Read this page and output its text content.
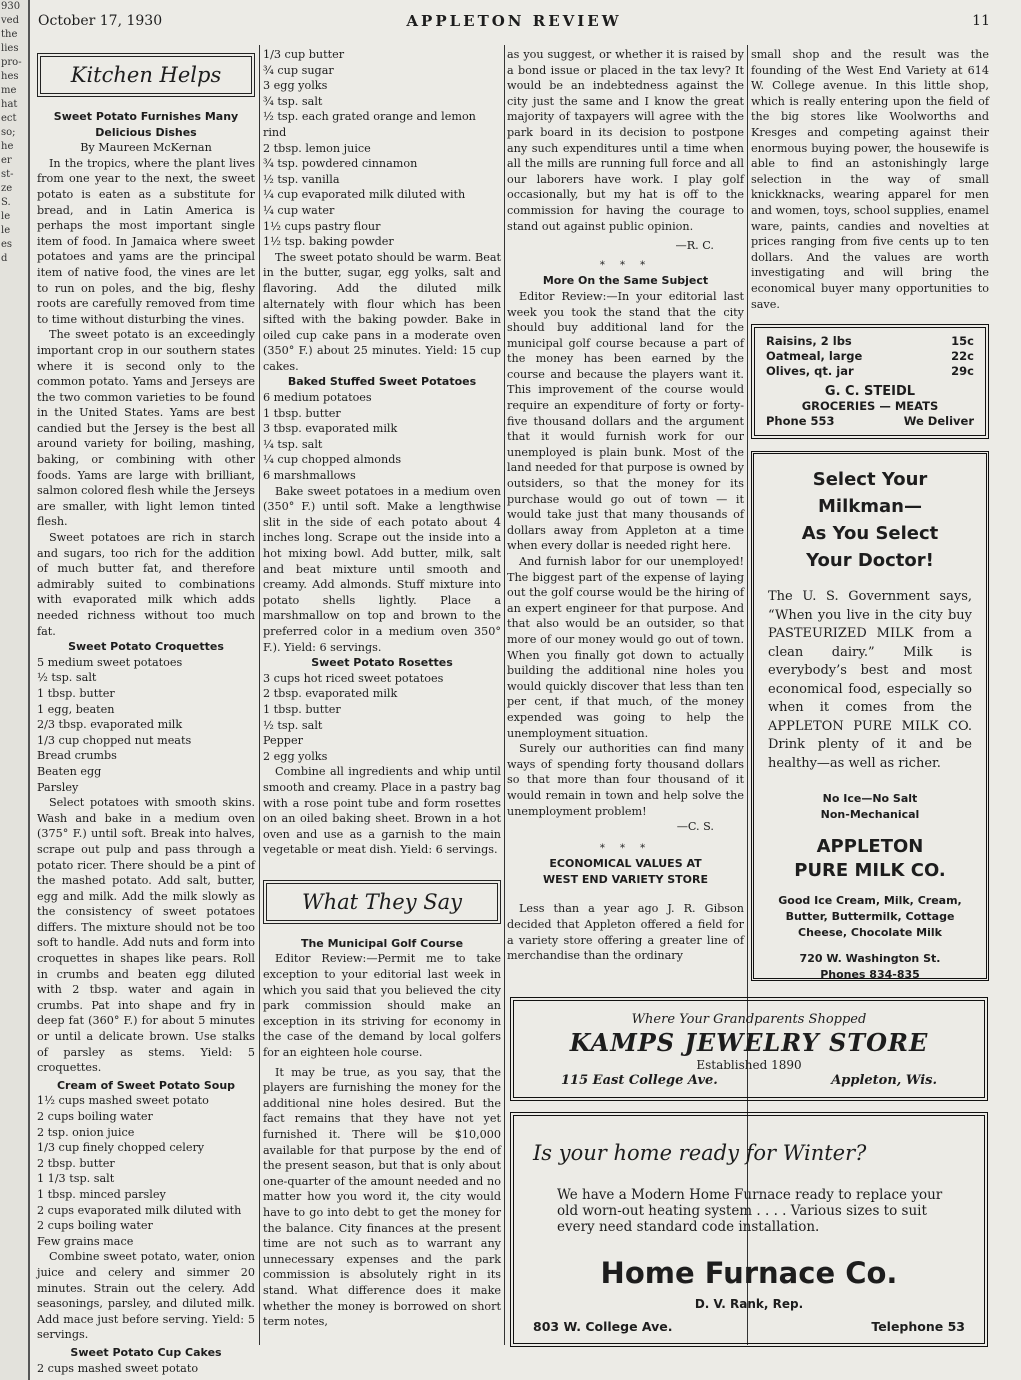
930
ved
the
lies
pro-
hes
me
hat
ect
so;
he
er
st-
ze
S.
le
le
es
d
October 17, 1930	APPLETON REVIEW	11
Kitchen Helps
Sweet Potato Furnishes Many
Delicious Dishes
By Maureen McKernan
In the tropics, where the plant lives from one year to the next, the sweet potato is eaten as a substitute for bread, and in Latin America is perhaps the most important single item of food. In Jamaica where sweet potatoes and yams are the principal item of native food, the vines are let to run on poles, and the big, fleshy roots are carefully removed from time to time without disturbing the vines.
The sweet potato is an exceedingly important crop in our southern states where it is second only to the common potato. Yams and Jerseys are the two common varieties to be found in the United States. Yams are best candied but the Jersey is the best all around variety for boiling, mashing, baking, or combining with other foods. Yams are large with brilliant, salmon colored flesh while the Jerseys are smaller, with light lemon tinted flesh.
Sweet potatoes are rich in starch and sugars, too rich for the addition of much butter fat, and therefore admirably suited to combinations with evaporated milk which adds needed richness without too much fat.
Sweet Potato Croquettes
5 medium sweet potatoes
½ tsp. salt
1 tbsp. butter
1 egg, beaten
2/3 tbsp. evaporated milk
1/3 cup chopped nut meats
Bread crumbs
Beaten egg
Parsley
Select potatoes with smooth skins. Wash and bake in a medium oven (375° F.) until soft. Break into halves, scrape out pulp and pass through a potato ricer. There should be a pint of the mashed potato. Add salt, butter, egg and milk. Add the milk slowly as the consistency of sweet potatoes differs. The mixture should not be too soft to handle. Add nuts and form into croquettes in shapes like pears. Roll in crumbs and beaten egg diluted with 2 tbsp. water and again in crumbs. Pat into shape and fry in deep fat (360° F.) for about 5 minutes or until a delicate brown. Use stalks of parsley as stems. Yield: 5 croquettes.
Cream of Sweet Potato Soup
1½ cups mashed sweet potato
2 cups boiling water
2 tsp. onion juice
1/3 cup finely chopped celery
2 tbsp. butter
1 1/3 tsp. salt
1 tbsp. minced parsley
2 cups evaporated milk diluted with
2 cups boiling water
Few grains mace
Combine sweet potato, water, onion juice and celery and simmer 20 minutes. Strain out the celery. Add seasonings, parsley, and diluted milk. Add mace just before serving. Yield: 5 servings.
Sweet Potato Cup Cakes
2 cups mashed sweet potato
1/3 cup butter
¾ cup sugar
3 egg yolks
¾ tsp. salt
½ tsp. each grated orange and lemon rind
2 tbsp. lemon juice
¾ tsp. powdered cinnamon
½ tsp. vanilla
¼ cup evaporated milk diluted with
¼ cup water
1½ cups pastry flour
1½ tsp. baking powder
The sweet potato should be warm. Beat in the butter, sugar, egg yolks, salt and flavoring. Add the diluted milk alternately with flour which has been sifted with the baking powder. Bake in oiled cup cake pans in a moderate oven (350° F.) about 25 minutes. Yield: 15 cup cakes.
Baked Stuffed Sweet Potatoes
6 medium potatoes
1 tbsp. butter
3 tbsp. evaporated milk
¼ tsp. salt
¼ cup chopped almonds
6 marshmallows
Bake sweet potatoes in a medium oven (350° F.) until soft. Make a lengthwise slit in the side of each potato about 4 inches long. Scrape out the inside into a hot mixing bowl. Add butter, milk, salt and beat mixture until smooth and creamy. Add almonds. Stuff mixture into potato shells lightly. Place a marshmallow on top and brown to the preferred color in a medium oven 350° F.). Yield: 6 servings.
Sweet Potato Rosettes
3 cups hot riced sweet potatoes
2 tbsp. evaporated milk
1 tbsp. butter
½ tsp. salt
Pepper
2 egg yolks
Combine all ingredients and whip until smooth and creamy. Place in a pastry bag with a rose point tube and form rosettes on an oiled baking sheet. Brown in a hot oven and use as a garnish to the main vegetable or meat dish. Yield: 6 servings.
What They Say
The Municipal Golf Course
Editor Review:—Permit me to take exception to your editorial last week in which you said that you believed the city park commission should make an exception in its striving for economy in the case of the demand by local golfers for an eighteen hole course.
It may be true, as you say, that the players are furnishing the money for the additional nine holes desired. But the fact remains that they have not yet furnished it. There will be $10,000 available for that purpose by the end of the present season, but that is only about one-quarter of the amount needed and no matter how you word it, the city would have to go into debt to get the money for the balance. City finances at the present time are not such as to warrant any unnecessary expenses and the park commission is absolutely right in its stand. What difference does it make whether the money is borrowed on short term notes,
as you suggest, or whether it is raised by a bond issue or placed in the tax levy? It would be an indebtedness against the city just the same and I know the great majority of taxpayers will agree with the park board in its decision to postpone any such expenditures until a time when all the mills are running full force and all our laborers have work. I play golf occasionally, but my hat is off to the commission for having the courage to stand out against public opinion.
—R. C.
* * *
More On the Same Subject
Editor Review:—In your editorial last week you took the stand that the city should buy additional land for the municipal golf course because a part of the money has been earned by the course and because the players want it. This improvement of the course would require an expenditure of forty or forty-five thousand dollars and the argument that it would furnish work for our unemployed is plain bunk. Most of the land needed for that purpose is owned by outsiders, so that the money for its purchase would go out of town — it would take just that many thousands of dollars away from Appleton at a time when every dollar is needed right here.
And furnish labor for our unemployed! The biggest part of the expense of laying out the golf course would be the hiring of an expert engineer for that purpose. And that also would be an outsider, so that more of our money would go out of town. When you finally got down to actually building the additional nine holes you would quickly discover that less than ten per cent, if that much, of the money expended was going to help the unemployment situation.
Surely our authorities can find many ways of spending forty thousand dollars so that more than four thousand of it would remain in town and help solve the unemployment problem!
—C. S.
* * *
ECONOMICAL VALUES AT
WEST END VARIETY STORE
Less than a year ago J. R. Gibson decided that Appleton offered a field for a variety store offering a greater line of merchandise than the ordinary
small shop and the result was the founding of the West End Variety at 614 W. College avenue. In this little shop, which is really entering upon the field of the big stores like Woolworths and Kresges and competing against their enormous buying power, the housewife is able to find an astonishingly large selection in the way of small knickknacks, wearing apparel for men and women, toys, school supplies, enamel ware, paints, candies and novelties at prices ranging from five cents up to ten dollars. And the values are worth investigating and will bring the economical buyer many opportunities to save.
Raisins, 2 lbs	15c
Oatmeal, large	22c
Olives, qt. jar	29c
G. C. STEIDL
GROCERIES — MEATS
Phone 553	We Deliver
Select Your
Milkman—
As You Select
Your Doctor!
The U. S. Government says, “When you live in the city buy PASTEURIZED MILK from a clean dairy.” Milk is everybody’s best and most economical food, especially so when it comes from the APPLETON PURE MILK CO. Drink plenty of it and be healthy—as well as richer.
No Ice—No Salt
Non-Mechanical
APPLETON
PURE MILK CO.
Good Ice Cream, Milk, Cream,
Butter, Buttermilk, Cottage
Cheese, Chocolate Milk
720 W. Washington St.
Phones 834-835
Where Your Grandparents Shopped
KAMPS JEWELRY STORE
Established 1890
115 East College Ave.	Appleton, Wis.
Is your home ready for Winter?
We have a Modern Home Furnace ready to replace your old worn-out heating system . . . . Various sizes to suit every need standard code installation.
Home Furnace Co.
D. V. Rank, Rep.
803 W. College Ave.	Telephone 53
